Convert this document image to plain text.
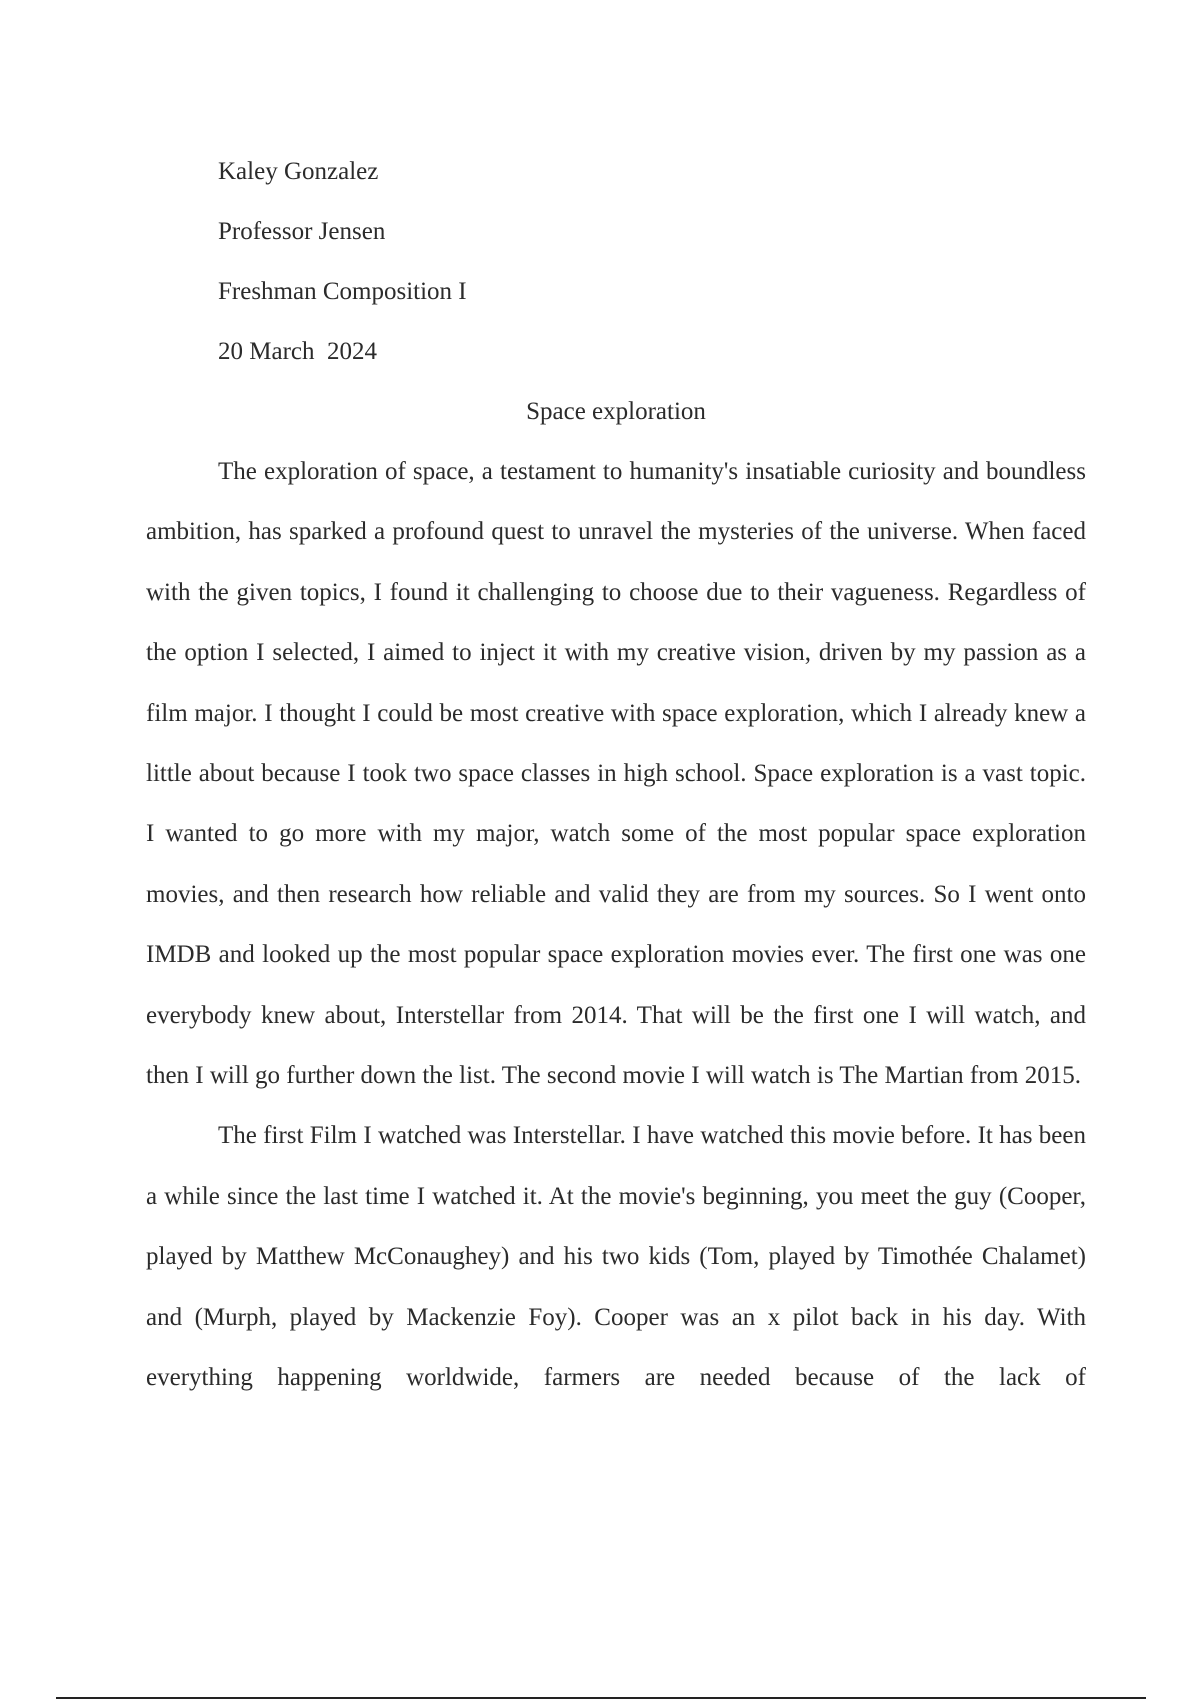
Kaley Gonzalez
Professor Jensen
Freshman Composition I
20 March  2024
Space exploration

The exploration of space, a testament to humanity's insatiable curiosity and boundless ambition, has sparked a profound quest to unravel the mysteries of the universe. When faced with the given topics, I found it challenging to choose due to their vagueness. Regardless of the option I selected, I aimed to inject it with my creative vision, driven by my passion as a film major. I thought I could be most creative with space exploration, which I already knew a little about because I took two space classes in high school. Space exploration is a vast topic. I wanted to go more with my major, watch some of the most popular space exploration movies, and then research how reliable and valid they are from my sources. So I went onto IMDB and looked up the most popular space exploration movies ever. The first one was one everybody knew about, Interstellar from 2014. That will be the first one I will watch, and then I will go further down the list. The second movie I will watch is The Martian from 2015.

The first Film I watched was Interstellar. I have watched this movie before. It has been a while since the last time I watched it. At the movie's beginning, you meet the guy (Cooper, played by Matthew McConaughey) and his two kids (Tom, played by Timothée Chalamet) and (Murph, played by Mackenzie Foy). Cooper was an x pilot back in his day. With everything happening worldwide, farmers are needed because of the lack of
